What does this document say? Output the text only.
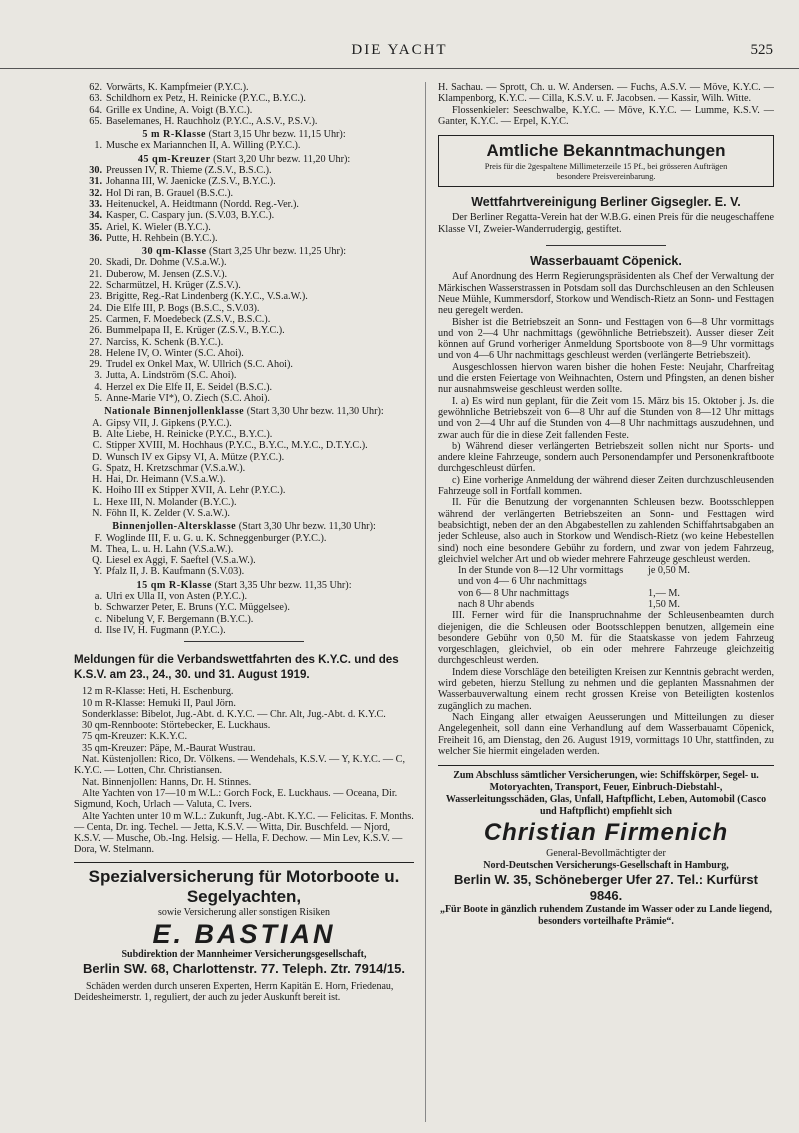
DIE YACHT	525
62. Vorwärts, K. Kampfmeier (P.Y.C.).
63. Schildhorn ex Petz, H. Reinicke (P.Y.C., B.Y.C.).
64. Grille ex Undine, A. Voigt (B.Y.C.).
65. Baselemanes, H. Rauchholz (P.Y.C., A.S.V., P.S.V.).
5 m R-Klasse (Start 3,15 Uhr bezw. 11,15 Uhr):
1. Musche ex Mariannchen II, A. Willing (P.Y.C.).
45 qm-Kreuzer (Start 3,20 Uhr bezw. 11,20 Uhr):
30. Preussen IV, R. Thieme (Z.S.V., B.S.C.).
31. Johanna III, W. Jaenicke (Z.S.V., B.Y.C.).
32. Hol Di ran, B. Grauel (B.S.C.).
33. Heitenuckel, A. Heidtmann (Nordd. Reg.-Ver.).
34. Kasper, C. Caspary jun. (S.V.03, B.Y.C.).
35. Ariel, K. Wieler (B.Y.C.).
36. Putte, H. Rehbein (B.Y.C.).
30 qm-Klasse (Start 3,25 Uhr bezw. 11,25 Uhr):
20. Skadi, Dr. Dohme (V.S.a.W.).
21. Duberow, M. Jensen (Z.S.V.).
22. Scharmützel, H. Krüger (Z.S.V.).
23. Brigitte, Reg.-Rat Lindenberg (K.Y.C., V.S.a.W.).
24. Die Elfe III, P. Bogs (B.S.C., S.V.03).
25. Carmen, F. Moedebeck (Z.S.V., B.S.C.).
26. Bummelpapa II, E. Krüger (Z.S.V., B.Y.C.).
27. Narciss, K. Schenk (B.Y.C.).
28. Helene IV, O. Winter (S.C. Ahoi).
29. Trudel ex Onkel Max, W. Ullrich (S.C. Ahoi).
3. Jutta, A. Lindström (S.C. Ahoi).
4. Herzel ex Die Elfe II, E. Seidel (B.S.C.).
5. Anne-Marie VI*), O. Ziech (S.C. Ahoi).
Nationale Binnenjollenklasse (Start 3,30 Uhr bezw. 11,30 Uhr):
A. Gipsy VII, J. Gipkens (P.Y.C.).
B. Alte Liebe, H. Reinicke (P.Y.C., B.Y.C.).
C. Stipper XVIII, M. Hochhaus (P.Y.C., B.Y.C., M.Y.C., D.T.Y.C.).
D. Wunsch IV ex Gipsy VI, A. Mütze (P.Y.C.).
G. Spatz, H. Kretzschmar (V.S.a.W.).
H. Hai, Dr. Heimann (V.S.a.W.).
K. Hoiho III ex Stipper XVII, A. Lehr (P.Y.C.).
L. Hexe III, N. Molander (B.Y.C.).
N. Föhn II, K. Zelder (V. S.a.W.).
Binnenjollen-Altersklasse (Start 3,30 Uhr bezw. 11,30 Uhr):
F. Woglinde III, F. u. G. u. K. Schneggenburger (P.Y.C.).
M. Thea, L. u. H. Lahn (V.S.a.W.).
Q. Liesel ex Aggi, F. Saeftel (V.S.a.W.).
Y. Pfalz II, J. B. Kaufmann (S.V.03).
15 qm R-Klasse (Start 3,35 Uhr bezw. 11,35 Uhr):
a. Ulri ex Ulla II, von Asten (P.Y.C.).
b. Schwarzer Peter, E. Bruns (Y.C. Müggelsee).
c. Nibelung V, F. Bergemann (B.Y.C.).
d. Ilse IV, H. Fugmann (P.Y.C.).
Meldungen für die Verbandswettfahrten des K.Y.C. und des K.S.V. am 23., 24., 30. und 31. August 1919.
12 m R-Klasse: Heti, H. Eschenburg.
10 m R-Klasse: Hemuki II, Paul Jörn.
Sonderklasse: Bibelot, Jug.-Abt. d. K.Y.C. — Chr. Alt, Jug.-Abt. d. K.Y.C.
30 qm-Rennboote: Störtebecker, E. Luckhaus.
75 qm-Kreuzer: K.K.Y.C.
35 qm-Kreuzer: Päpe, M.-Baurat Wustrau.
Nat. Küstenjollen: Rico, Dr. Völkens. — Wendehals, K.S.V. — Y, K.Y.C. — C, K.Y.C. — Lotten, Chr. Christiansen.
Nat. Binnenjollen: Hanns, Dr. H. Stinnes.
Alte Yachten von 17—10 m W.L.: Gorch Fock, E. Luckhaus. — Oceana, Dir. Sigmund, Koch, Urlach — Valuta, C. Ivers.
Alte Yachten unter 10 m W.L.: Zukunft, Jug.-Abt. K.Y.C. — Felicitas. F. Months. — Centa, Dr. ing. Techel. — Jetta, K.S.V. — Witta, Dir. Buschfeld. — Njord, K.S.V. — Musche, Ob.-Ing. Helsig. — Hella, F. Dechow. — Min Lev, K.S.V. — Dora, W. Stelmann.

Spezialversicherung für Motorboote u. Segelyachten,

sowie Versicherung aller sonstigen Risiken

E. BASTIAN

Subdirektion der Mannheimer Versicherungsgesellschaft,

Berlin SW. 68, Charlottenstr. 77. Teleph. Ztr. 7914/15.

Schäden werden durch unseren Experten, Herrn Kapitän E. Horn, Friedenau, Deidesheimerstr. 1, reguliert, der auch zu jeder Auskunft bereit ist.

H. Sachau. — Sprott, Ch. u. W. Andersen. — Fuchs, A.S.V. — Möve, K.Y.C. — Klampenborg, K.Y.C. — Cilla, K.S.V. u. F. Jacobsen. — Kassir, Wilh. Witte.

Flossenkieler: Seeschwalbe, K.Y.C. — Möve, K.Y.C. — Lumme, K.S.V. — Ganter, K.Y.C. — Erpel, K.Y.C.

Amtliche Bekanntmachungen
Preis für die 2gespaltene Millimeterzeile 15 Pf., bei grösseren Aufträgen
besondere Preisvereinbarung.
Wettfahrtvereinigung Berliner Gigsegler. E. V.

Der Berliner Regatta-Verein hat der W.B.G. einen Preis für die neugeschaffene Klasse VI, Zweier-Wanderrudergig, gestiftet.

Wasserbauamt Cöpenick.

Auf Anordnung des Herrn Regierungspräsidenten als Chef der Verwaltung der Märkischen Wasserstrassen in Potsdam soll das Durchschleusen an den Schleusen Neue Mühle, Kummersdorf, Storkow und Wendisch-Rietz an Sonn- und Festtagen neu geregelt werden.

Bisher ist die Betriebszeit an Sonn- und Festtagen von 6—8 Uhr vormittags und von 2—4 Uhr nachmittags (gewöhnliche Betriebszeit). Ausser dieser Zeit können auf Grund vorheriger Anmeldung Sportsboote von 8—9 Uhr vormittags und von 4—6 Uhr nachmittags geschleust werden (verlängerte Betriebszeit).

Ausgeschlossen hiervon waren bisher die hohen Feste: Neujahr, Charfreitag und die ersten Feiertage von Weihnachten, Ostern und Pfingsten, an denen bisher nur ausnahmsweise geschleust werden sollte.

I. a) Es wird nun geplant, für die Zeit vom 15. März bis 15. Oktober j. Js. die gewöhnliche Betriebszeit von 6—8 Uhr auf die Stunden von 8—12 Uhr mittags und von 2—4 Uhr auf die Stunden von 4—8 Uhr nachmittags auszudehnen, und zwar auch für die in diese Zeit fallenden Feste.

b) Während dieser verlängerten Betriebszeit sollen nicht nur Sports- und andere kleine Fahrzeuge, sondern auch Personendampfer und Personenkraftboote durchgeschleust dürfen.

c) Eine vorherige Anmeldung der während dieser Zeiten durchzuschleusenden Fahrzeuge soll in Fortfall kommen.

II. Für die Benutzung der vorgenannten Schleusen bezw. Bootsschleppen während der verlängerten Betriebszeiten an Sonn- und Festtagen wird beabsichtigt, neben der an den Abgabestellen zu zahlenden Schiffahrtsabgaben an jeder Schleuse, also auch in Storkow und Wendisch-Rietz (wo keine Hebestellen sind) noch eine besondere Gebühr zu fordern, und zwar von jedem Fahrzeug, gleichviel welcher Art und ob wieder mehrere Fahrzeuge geschleust werden.

In der Stunde von 8—12 Uhr vormittags	je 0,50 M.
und von 4— 6 Uhr nachmittags
von 6— 8 Uhr nachmittags	1,— M.
nach 8 Uhr abends	1,50 M.

III. Ferner wird für die Inanspruchnahme der Schleusenbeamten durch diejenigen, die die Schleusen oder Bootsschleppen benutzen, allgemein eine besondere Gebühr von 0,50 M. für die Staatskasse von jedem Fahrzeug vorgeschlagen, gleichviel, ob ein oder mehrere Fahrzeuge gleichzeitig durchgeschleust werden.

Indem diese Vorschläge den beteiligten Kreisen zur Kenntnis gebracht werden, wird gebeten, hierzu Stellung zu nehmen und die geplanten Massnahmen der Wasserbauverwaltung einem recht grossen Kreise von Beteiligten kostenlos zugänglich zu machen.

Nach Eingang aller etwaigen Aeusserungen und Mitteilungen zu dieser Angelegenheit, soll dann eine Verhandlung auf dem Wasserbauamt Cöpenick, Freiheit 16, am Dienstag, den 26. August 1919, vormittags 10 Uhr, stattfinden, zu welcher Sie hiermit eingeladen werden.

Zum Abschluss sämtlicher Versicherungen, wie: Schiffskörper, Segel- u. Motoryachten, Transport, Feuer, Einbruch-Diebstahl-, Wasserleitungsschäden, Glas, Unfall, Haftpflicht, Leben, Automobil (Casco und Haftpflicht) empfiehlt sich

Christian Firmenich

General-Bevollmächtigter der

Nord-Deutschen Versicherungs-Gesellschaft in Hamburg,

Berlin W. 35, Schöneberger Ufer 27. Tel.: Kurfürst 9846.

„Für Boote in gänzlich ruhendem Zustande im Wasser oder zu Lande liegend, besonders vorteilhafte Prämie“.
